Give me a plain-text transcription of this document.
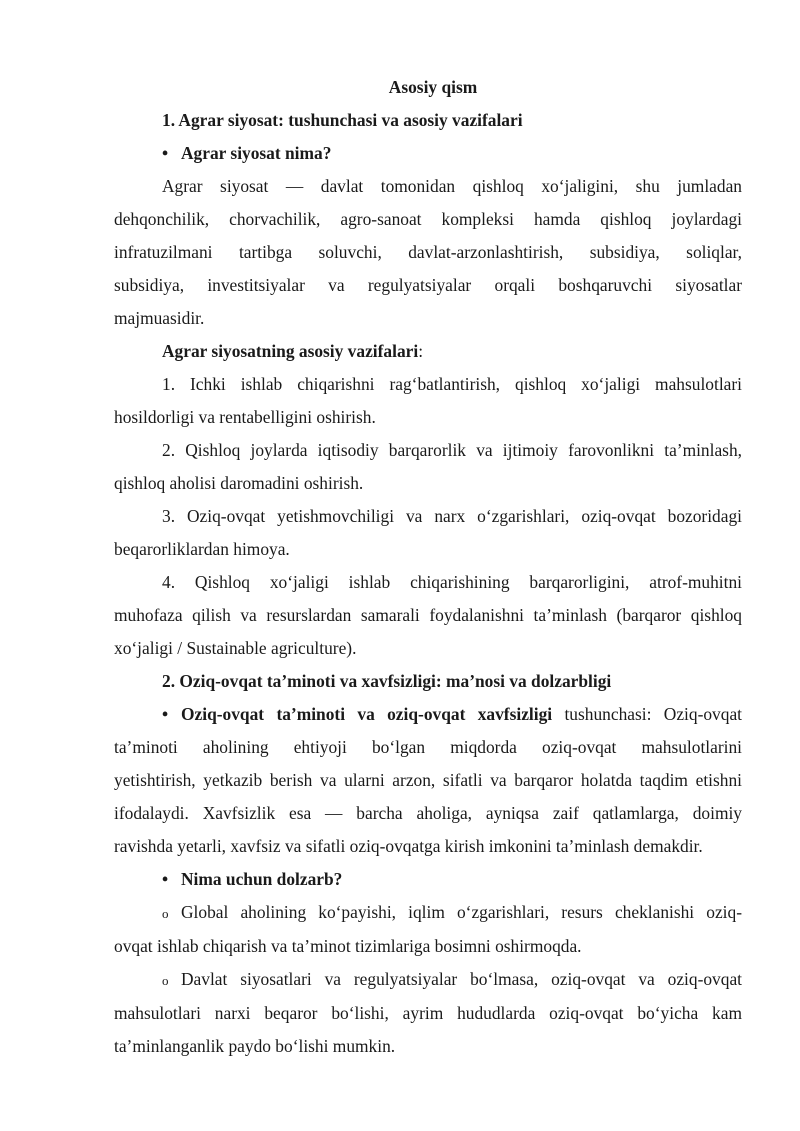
Asosiy qism
1. Agrar siyosat: tushunchasi va asosiy vazifalari
• Agrar siyosat nima?
Agrar siyosat — davlat tomonidan qishloq xo‘jaligini, shu jumladan
dehqonchilik, chorvachilik, agro-sanoat kompleksi hamda qishloq joylardagi
infratuzilmani tartibga soluvchi, davlat-arzonlashtirish, subsidiya, soliqlar,
subsidiya, investitsiyalar va regulyatsiyalar orqali boshqaruvchi siyosatlar
majmuasidir.
Agrar siyosatning asosiy vazifalari:
1. Ichki ishlab chiqarishni rag‘batlantirish, qishloq xo‘jaligi mahsulotlari
hosildorligi va rentabelligini oshirish.
2. Qishloq joylarda iqtisodiy barqarorlik va ijtimoiy farovonlikni ta’minlash,
qishloq aholisi daromadini oshirish.
3. Oziq-ovqat yetishmovchiligi va narx o‘zgarishlari, oziq-ovqat bozoridagi
beqarorliklardan himoya.
4. Qishloq xo‘jaligi ishlab chiqarishining barqarorligini, atrof-muhitni
muhofaza qilish va resurslardan samarali foydalanishni ta’minlash (barqaror qishloq
xo‘jaligi / Sustainable agriculture).
2. Oziq-ovqat ta’minoti va xavfsizligi: ma’nosi va dolzarbligi
• Oziq-ovqat ta’minoti va oziq-ovqat xavfsizligi tushunchasi: Oziq-ovqat
ta’minoti aholining ehtiyoji bo‘lgan miqdorda oziq-ovqat mahsulotlarini
yetishtirish, yetkazib berish va ularni arzon, sifatli va barqaror holatda taqdim etishni
ifodalaydi. Xavfsizlik esa — barcha aholiga, ayniqsa zaif qatlamlarga, doimiy
ravishda yetarli, xavfsiz va sifatli oziq-ovqatga kirish imkonini ta’minlash demakdir.
• Nima uchun dolzarb?
o Global aholining ko‘payishi, iqlim o‘zgarishlari, resurs cheklanishi oziq-
ovqat ishlab chiqarish va ta’minot tizimlariga bosimni oshirmoqda.
o Davlat siyosatlari va regulyatsiyalar bo‘lmasa, oziq-ovqat va oziq-ovqat
mahsulotlari narxi beqaror bo‘lishi, ayrim hududlarda oziq-ovqat bo‘yicha kam
ta’minlanganlik paydo bo‘lishi mumkin.
